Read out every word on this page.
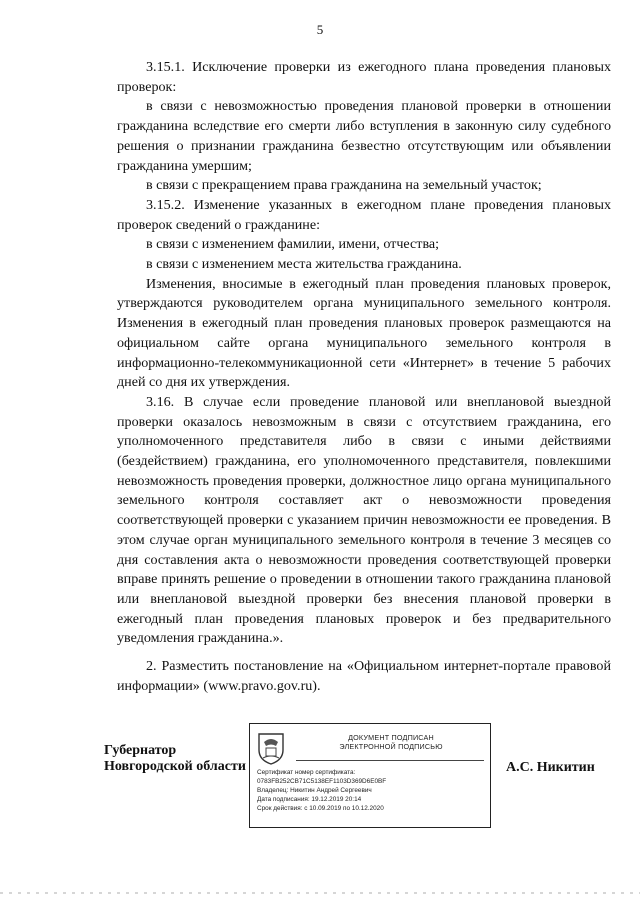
5

3.15.1. Исключение проверки из ежегодного плана проведения плановых проверок:

в связи с невозможностью проведения плановой проверки в отношении гражданина вследствие его смерти либо вступления в законную силу судебного решения о признании гражданина безвестно отсутствующим или объявлении гражданина умершим;

в связи с прекращением права гражданина на земельный участок;

3.15.2. Изменение указанных в ежегодном плане проведения плановых проверок сведений о гражданине:

в связи с изменением фамилии, имени, отчества;

в связи с изменением места жительства гражданина.

Изменения, вносимые в ежегодный план проведения плановых проверок, утверждаются руководителем органа муниципального земельного контроля. Изменения в ежегодный план проведения плановых проверок размещаются на официальном сайте органа муниципального земельного контроля в информационно-телекоммуникационной сети «Интернет» в течение 5 рабочих дней со дня их утверждения.

3.16. В случае если проведение плановой или внеплановой выездной проверки оказалось невозможным в связи с отсутствием гражданина, его уполномоченного представителя либо в связи с иными действиями (бездействием) гражданина, его уполномоченного представителя, повлекшими невозможность проведения проверки, должностное лицо органа муниципального земельного контроля составляет акт о невозможности проведения соответствующей проверки с указанием причин невозможности ее проведения. В этом случае орган муниципального земельного контроля в течение 3 месяцев со дня составления акта о невозможности проведения соответствующей проверки вправе принять решение о проведении в отношении такого гражданина плановой или внеплановой выездной проверки без внесения плановой проверки в ежегодный план проведения плановых проверок и без предварительного уведомления гражданина.».

2. Разместить постановление на «Официальном интернет-портале правовой информации» (www.pravo.gov.ru).

Губернатор
Новгородской области
ДОКУМЕНТ ПОДПИСАН
ЭЛЕКТРОННОЙ ПОДПИСЬЮ
Сертификат номер сертификата:
0783FB252CB71C5138EF1103D369D6E0BF
Владелец: Никитин Андрей Сергеевич
Дата подписания: 19.12.2019 20:14
Срок действия: с 10.09.2019 по 10.12.2020
А.С. Никитин
